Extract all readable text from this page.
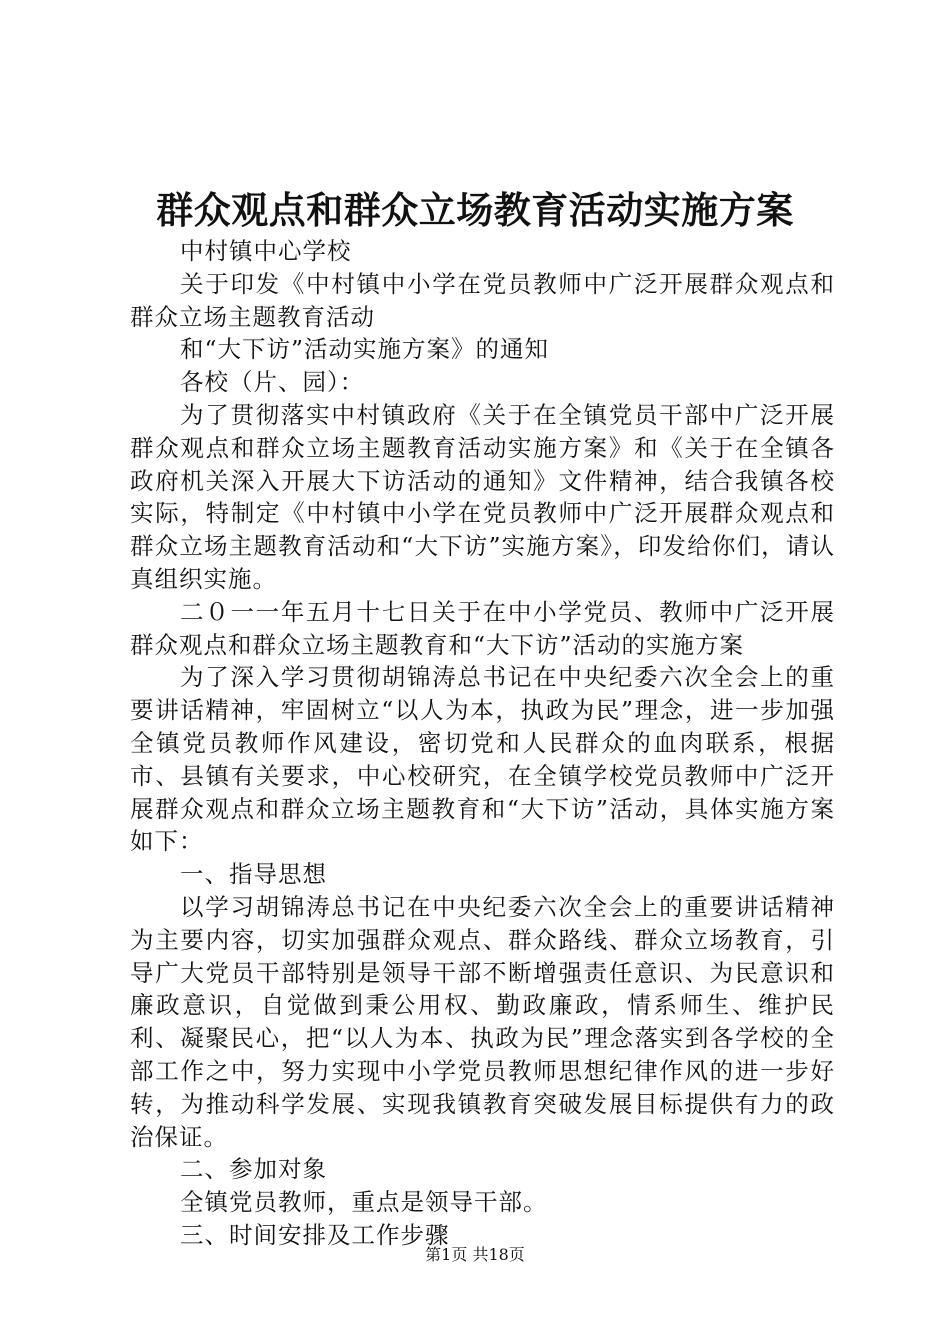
群众观点和群众立场教育活动实施方案

中村镇中心学校

关于印发《中村镇中小学在党员教师中广泛开展群众观点和群众立场主题教育活动

和“大下访”活动实施方案》的通知

各校（片、园）：

为了贯彻落实中村镇政府《关于在全镇党员干部中广泛开展群众观点和群众立场主题教育活动实施方案》和《关于在全镇各政府机关深入开展大下访活动的通知》文件精神，结合我镇各校实际，特制定《中村镇中小学在党员教师中广泛开展群众观点和群众立场主题教育活动和“大下访”实施方案》，印发给你们，请认真组织实施。

二０一一年五月十七日关于在中小学党员、教师中广泛开展群众观点和群众立场主题教育和“大下访”活动的实施方案

为了深入学习贯彻胡锦涛总书记在中央纪委六次全会上的重要讲话精神，牢固树立“以人为本，执政为民”理念，进一步加强全镇党员教师作风建设，密切党和人民群众的血肉联系，根据市、县镇有关要求，中心校研究，在全镇学校党员教师中广泛开展群众观点和群众立场主题教育和“大下访”活动，具体实施方案如下：

一、指导思想

以学习胡锦涛总书记在中央纪委六次全会上的重要讲话精神为主要内容，切实加强群众观点、群众路线、群众立场教育，引导广大党员干部特别是领导干部不断增强责任意识、为民意识和廉政意识，自觉做到秉公用权、勤政廉政，情系师生、维护民利、凝聚民心，把“以人为本、执政为民”理念落实到各学校的全部工作之中，努力实现中小学党员教师思想纪律作风的进一步好转，为推动科学发展、实现我镇教育突破发展目标提供有力的政治保证。

二、参加对象

全镇党员教师，重点是领导干部。

三、时间安排及工作步骤

第1页 共18页
